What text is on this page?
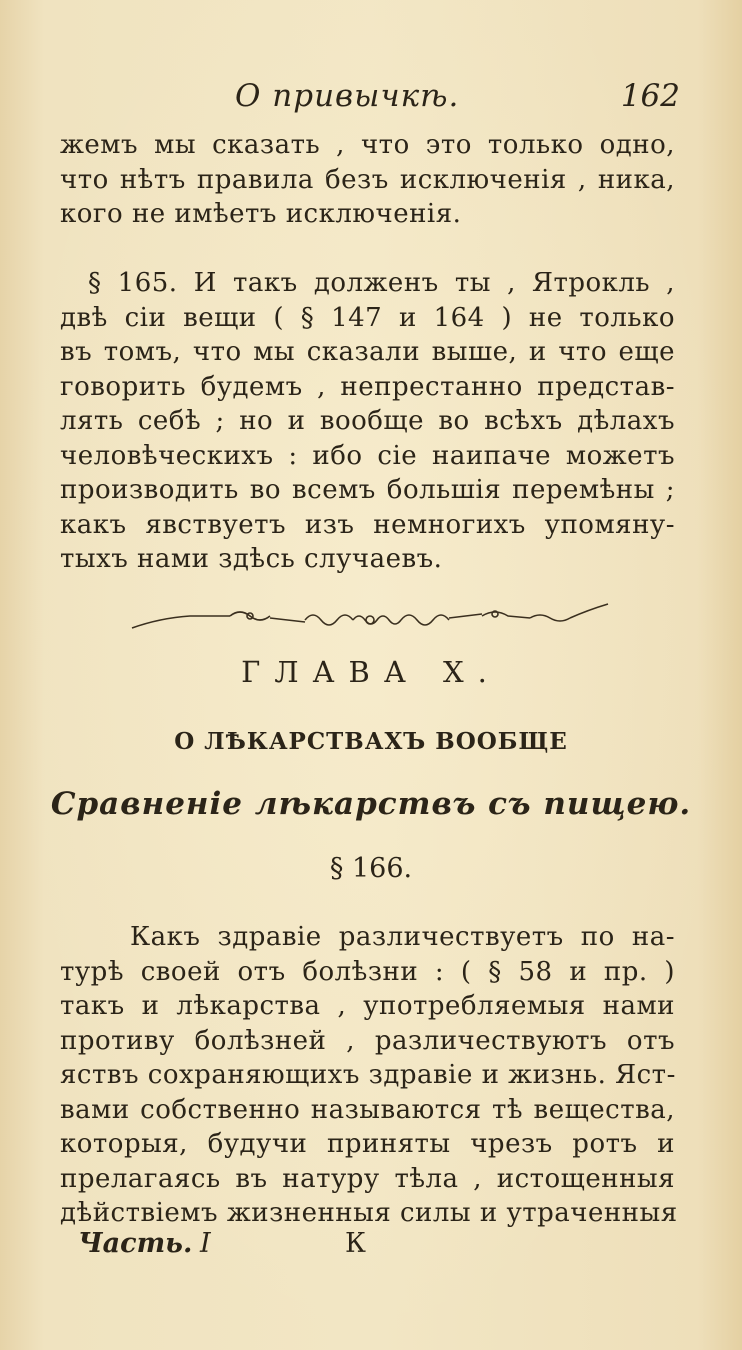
О привычкѣ.	162
жемъ мы сказать , что это только одно,
что нѣтъ правила безъ исключенія , ника,
кого не имѣетъ исключенія.
§ 165. И такъ долженъ ты , Ятрокль ,
двѣ сіи вещи ( § 147 и 164 ) не только
въ томъ, что мы сказали выше, и что еще
говорить будемъ , непрестанно представ-
лять себѣ ; но и вообще во всѣхъ дѣлахъ
человѣческихъ : ибо сіе наипаче можетъ
производить во всемъ большія перемѣны ;
какъ явствуетъ изъ немногихъ упомяну-
тыхъ нами здѣсь случаевъ.
ГЛАВА Х.
О ЛѢКАРСТВАХЪ ВООБЩЕ
Сравненіе лѣкарствъ съ пищею.
§ 166.
Какъ здравіе различествуетъ по на-
турѣ своей отъ болѣзни : ( § 58 и пр. )
такъ и лѣкарства , употребляемыя нами
противу болѣзней , различествуютъ отъ
яствъ сохраняющихъ здравіе и жизнь. Яст-
вами собственно называются тѣ вещества,
которыя, будучи приняты чрезъ ротъ и
прелагаясь въ натуру тѣла , истощенныя
дѣйствіемъ жизненныя силы и утраченныя
Часть. I	К
